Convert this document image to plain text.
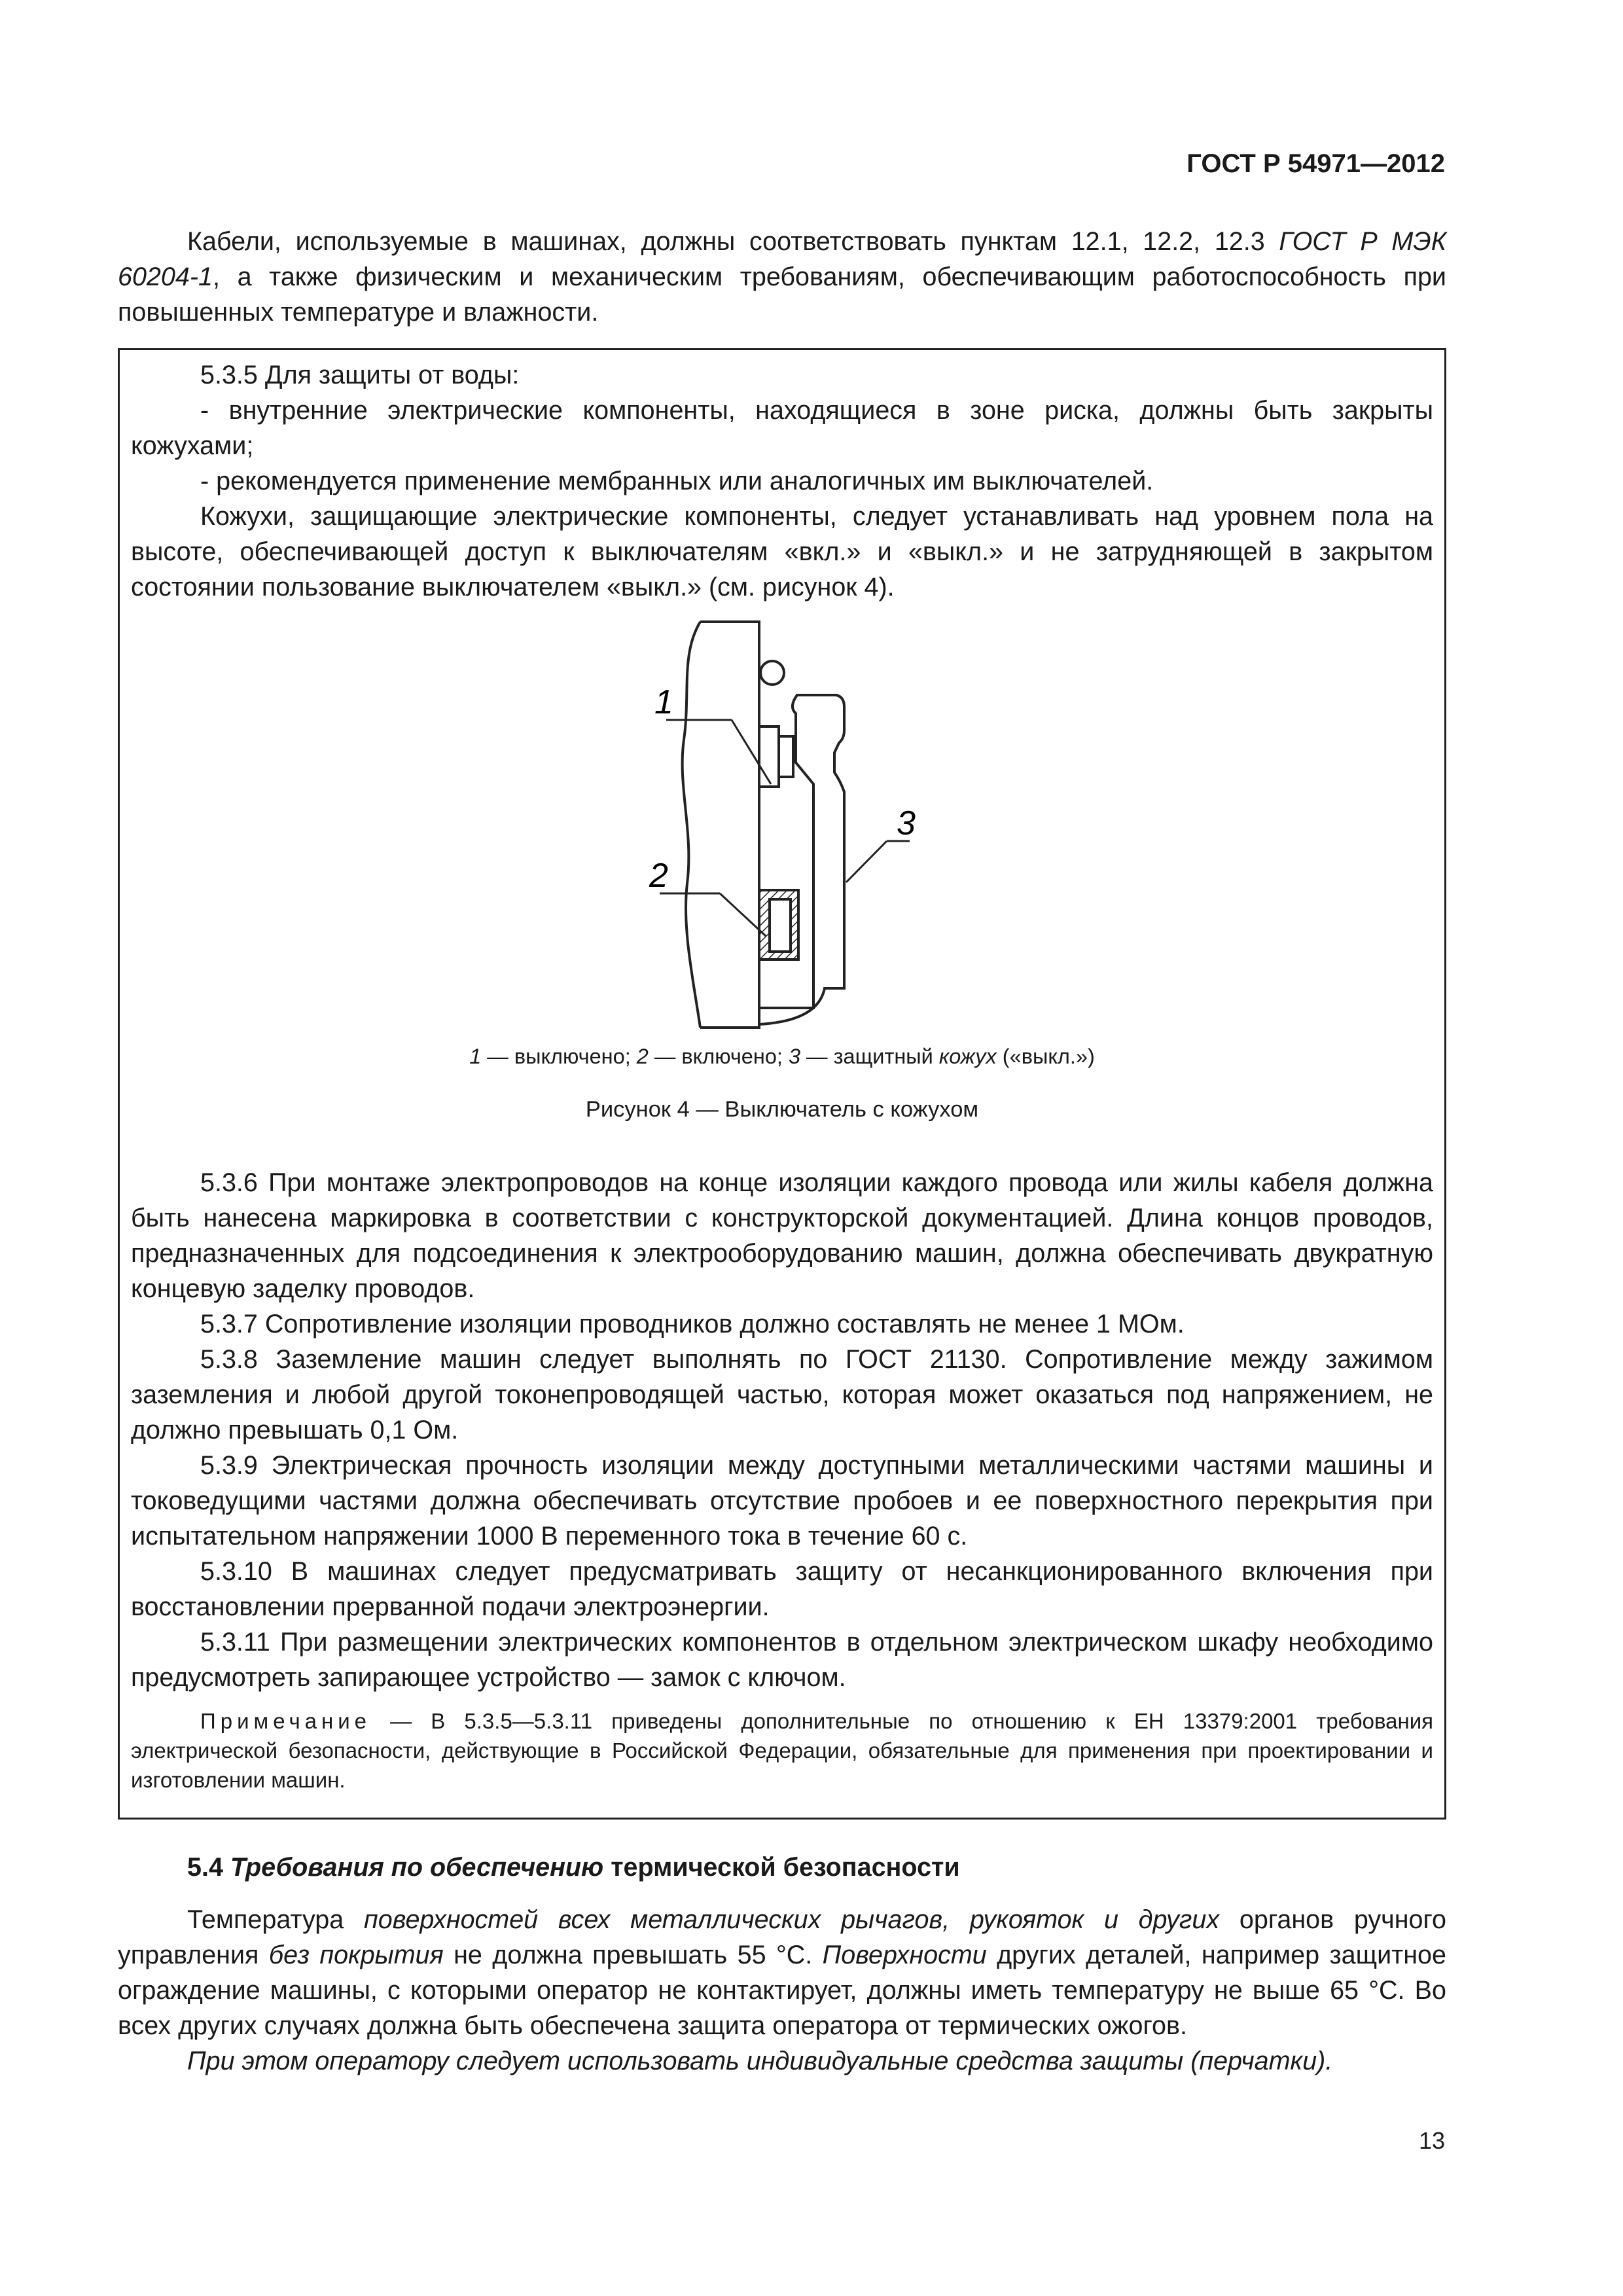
ГОСТ Р 54971—2012

Кабели, используемые в машинах, должны соответствовать пунктам 12.1, 12.2, 12.3 ГОСТ Р МЭК 60204-1, а также физическим и механическим требованиям, обеспечивающим работоспособность при повышенных температуре и влажности.

5.3.5 Для защиты от воды:

- внутренние электрические компоненты, находящиеся в зоне риска, должны быть закрыты кожухами;

- рекомендуется применение мембранных или аналогичных им выключателей.

Кожухи, защищающие электрические компоненты, следует устанавливать над уровнем пола на высоте, обеспечивающей доступ к выключателям «вкл.» и «выкл.» и не затрудняющей в закрытом состоянии пользование выключателем «выкл.» (см. рисунок 4).

1
2
3
1 — выключено; 2 — включено; 3 — защитный кожух («выкл.»)
Рисунок 4 — Выключатель с кожухом

5.3.6 При монтаже электропроводов на конце изоляции каждого провода или жилы кабеля должна быть нанесена маркировка в соответствии с конструкторской документацией. Длина концов проводов, предназначенных для подсоединения к электрооборудованию машин, должна обеспечивать двукратную концевую заделку проводов.

5.3.7 Сопротивление изоляции проводников должно составлять не менее 1 МОм.

5.3.8 Заземление машин следует выполнять по ГОСТ 21130. Сопротивление между зажимом заземления и любой другой токонепроводящей частью, которая может оказаться под напряжением, не должно превышать 0,1 Ом.

5.3.9 Электрическая прочность изоляции между доступными металлическими частями машины и токоведущими частями должна обеспечивать отсутствие пробоев и ее поверхностного перекрытия при испытательном напряжении 1000 В переменного тока в течение 60 с.

5.3.10 В машинах следует предусматривать защиту от несанкционированного включения при восстановлении прерванной подачи электроэнергии.

5.3.11 При размещении электрических компонентов в отдельном электрическом шкафу необходимо предусмотреть запирающее устройство — замок с ключом.

Примечание — В 5.3.5—5.3.11 приведены дополнительные по отношению к ЕН 13379:2001 требования электрической безопасности, действующие в Российской Федерации, обязательные для применения при проектировании и изготовлении машин.

5.4 Требования по обеспечению термической безопасности

Температура поверхностей всех металлических рычагов, рукояток и других органов ручного управления без покрытия не должна превышать 55 °С. Поверхности других деталей, например защитное ограждение машины, с которыми оператор не контактирует, должны иметь температуру не выше 65 °С. Во всех других случаях должна быть обеспечена защита оператора от термических ожогов.

При этом оператору следует использовать индивидуальные средства защиты (перчатки).

13
